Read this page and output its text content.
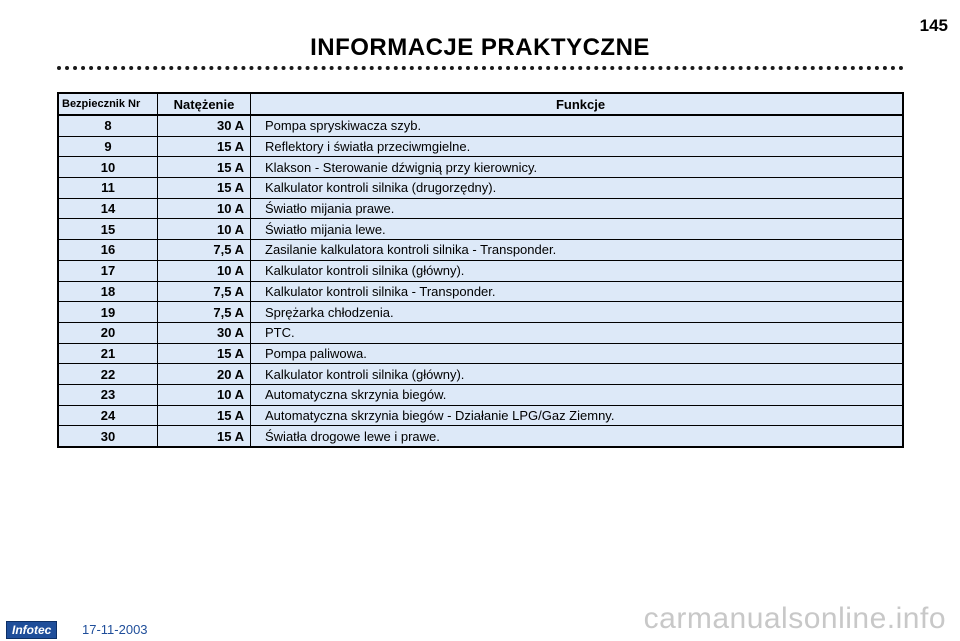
145
INFORMACJE PRAKTYCZNE
Bezpiecznik Nr	Natężenie	Funkcje
8	30 A	Pompa spryskiwacza szyb.
9	15 A	Reflektory i światła przeciwmgielne.
10	15 A	Klakson - Sterowanie dźwignią przy kierownicy.
11	15 A	Kalkulator kontroli silnika (drugorzędny).
14	10 A	Światło mijania prawe.
15	10 A	Światło mijania lewe.
16	7,5 A	Zasilanie kalkulatora kontroli silnika - Transponder.
17	10 A	Kalkulator kontroli silnika (główny).
18	7,5 A	Kalkulator kontroli silnika - Transponder.
19	7,5 A	Sprężarka chłodzenia.
20	30 A	PTC.
21	15 A	Pompa paliwowa.
22	20 A	Kalkulator kontroli silnika (główny).
23	10 A	Automatyczna skrzynia biegów.
24	15 A	Automatyczna skrzynia biegów - Działanie LPG/Gaz Ziemny.
30	15 A	Światła drogowe lewe i prawe.
Infotec	17-11-2003	carmanualsonline.info
